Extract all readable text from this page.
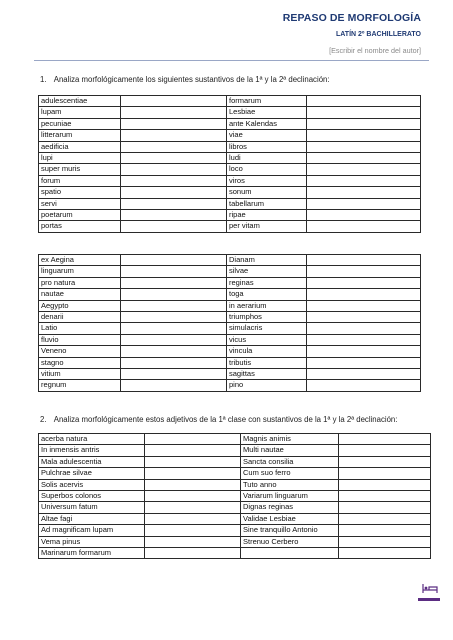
REPASO DE MORFOLOGÍA
LATÍN 2º BACHILLERATO
[Escribir el nombre del autor]
1. Analiza morfológicamente los siguientes sustantivos de la 1ª y la 2ª declinación:
adulescentiae		formarum	
lupam		Lesbiae	
pecuniae		ante Kalendas	
litterarum		viae	
aedificia		libros	
lupi		ludi	
super muris		loco	
forum		viros	
spatio		sonum	
servi		tabellarum	
poetarum		ripae	
portas		per vitam	
ex Aegina		Dianam	
linguarum		silvae	
pro natura		reginas	
nautae		toga	
Aegypto		in aerarium	
denarii		triumphos	
Latio		simulacris	
fluvio		vicus	
Veneno		vincula	
stagno		tributis	
vitium		sagittas	
regnum		pino	
2. Analiza morfológicamente estos adjetivos de la 1ª clase con sustantivos de la 1ª y la 2ª declinación:
acerba natura		Magnis animis	
In inmensis antris		Multi nautae	
Mala adulescentia		Sancta consilia	
Pulchrae silvae		Cum suo ferro	
Solis acervis		Tuto anno	
Superbos colonos		Variarum linguarum	
Universum fatum		Dignas reginas	
Altae fagi		Validae Lesbiae	
Ad magnificam lupam		Sine tranquillo Antonio	
Vema pinus		Strenuo Cerbero	
Marinarum formarum			
